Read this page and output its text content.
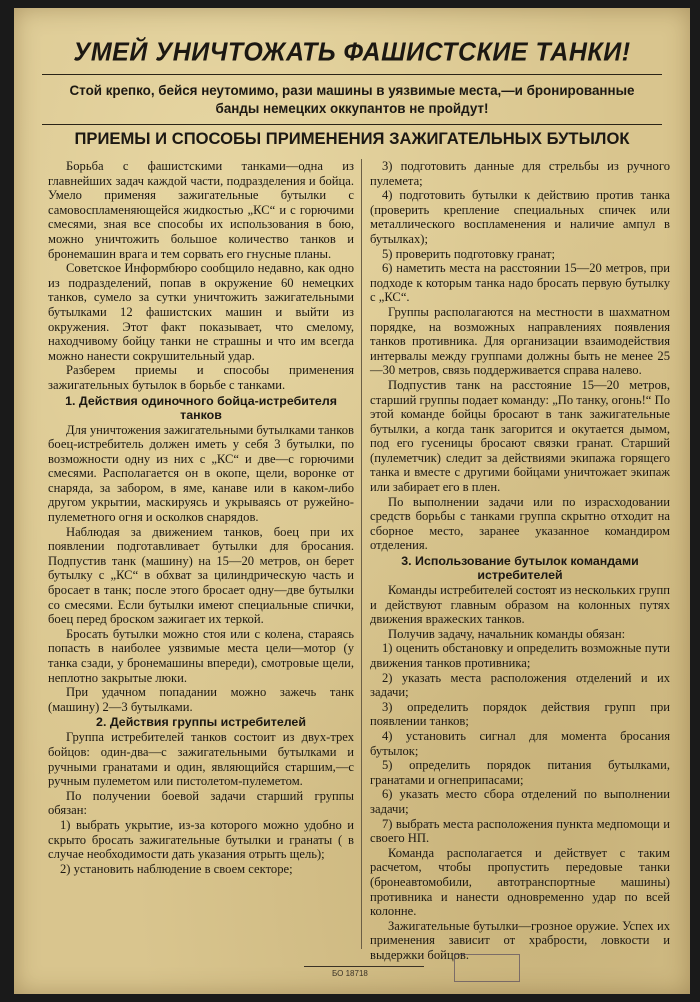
УМЕЙ УНИЧТОЖАТЬ ФАШИСТСКИЕ ТАНКИ!
Стой крепко, бейся неутомимо, рази машины в уязвимые места,—и бронированные банды немецких оккупантов не пройдут!
ПРИЕМЫ И СПОСОБЫ ПРИМЕНЕНИЯ ЗАЖИГАТЕЛЬНЫХ БУТЫЛОК

Борьба с фашистскими танками—одна из главнейших задач каждой части, подразделения и бойца. Умело применяя зажигательные бутылки с самовоспламеняющейся жидкостью „КС“ и с горючими смесями, зная все способы их использования в бою, можно уничтожить большое количество танков и бронемашин врага и тем сорвать его гнусные планы.

Советское Информбюро сообщило недавно, как одно из подразделений, попав в окружение 60 немецких танков, сумело за сутки уничтожить зажигательными бутылками 12 фашистских машин и выйти из окружения. Этот факт показывает, что смелому, находчивому бойцу танки не страшны и что им всегда можно нанести сокрушительный удар.

Разберем приемы и способы применения зажигательных бутылок в борьбе с танками.

1. Действия одиночного бойца-истребителя танков

Для уничтожения зажигательными бутылками танков боец-истребитель должен иметь у себя 3 бутылки, по возможности одну из них с „КС“ и две—с горючими смесями. Располагается он в окопе, щели, воронке от снаряда, за забором, в яме, канаве или в каком-либо другом укрытии, маскируясь и укрываясь от ружейно-пулеметного огня и осколков снарядов.

Наблюдая за движением танков, боец при их появлении подготавливает бутылки для бросания. Подпустив танк (машину) на 15—20 метров, он берет бутылку с „КС“ в обхват за цилиндрическую часть и бросает в танк; после этого бросает одну—две бутылки со смесями. Если бутылки имеют специальные спички, боец перед броском зажигает их теркой.

Бросать бутылки можно стоя или с колена, стараясь попасть в наиболее уязвимые места цели—мотор (у танка сзади, у бронемашины впереди), смотровые щели, неплотно закрытые люки.

При удачном попадании можно зажечь танк (машину) 2—3 бутылками.

2. Действия группы истребителей

Группа истребителей танков состоит из двух-трех бойцов: один-два—с зажигательными бутылками и ручными гранатами и один, являющийся старшим,—с ручным пулеметом или пистолетом-пулеметом.

По получении боевой задачи старший группы обязан:

1) выбрать укрытие, из-за которого можно удобно и скрыто бросать зажигательные бутылки и гранаты ( в случае необходимости дать указания отрыть щель);

2) установить наблюдение в своем секторе;

3) подготовить данные для стрельбы из ручного пулемета;

4) подготовить бутылки к действию против танка (проверить крепление специальных спичек или металлического воспламенения и наличие ампул в бутылках);

5) проверить подготовку гранат;

6) наметить места на расстоянии 15—20 метров, при подходе к которым танка надо бросать первую бутылку с „КС“.

Группы располагаются на местности в шахматном порядке, на возможных направлениях появления танков противника. Для организации взаимодействия интервалы между группами должны быть не менее 25—30 метров, связь поддерживается справа налево.

Подпустив танк на расстояние 15—20 метров, старший группы подает команду: „По танку, огонь!“ По этой команде бойцы бросают в танк зажигательные бутылки, а когда танк загорится и окутается дымом, под его гусеницы бросают связки гранат. Старший (пулеметчик) следит за действиями экипажа горящего танка и вместе с другими бойцами уничтожает экипаж или забирает его в плен.

По выполнении задачи или по израсходовании средств борьбы с танками группа скрытно отходит на сборное место, заранее указанное командиром отделения.

3. Использование бутылок командами истребителей

Команды истребителей состоят из нескольких групп и действуют главным образом на колонных путях движения вражеских танков.

Получив задачу, начальник команды обязан:

1) оценить обстановку и определить возможные пути движения танков противника;

2) указать места расположения отделений и их задачи;

3) определить порядок действия групп при появлении танков;

4) установить сигнал для момента бросания бутылок;

5) определить порядок питания бутылками, гранатами и огнеприпасами;

6) указать место сбора отделений по выполнении задачи;

7) выбрать места расположения пункта медпомощи и своего НП.

Команда располагается и действует с таким расчетом, чтобы пропустить передовые танки (бронеавтомобили, автотранспортные машины) противника и нанести одновременно удар по всей колонне.

Зажигательные бутылки—грозное оружие. Успех их применения зависит от храбрости, ловкости и выдержки бойцов.

БО 18718
